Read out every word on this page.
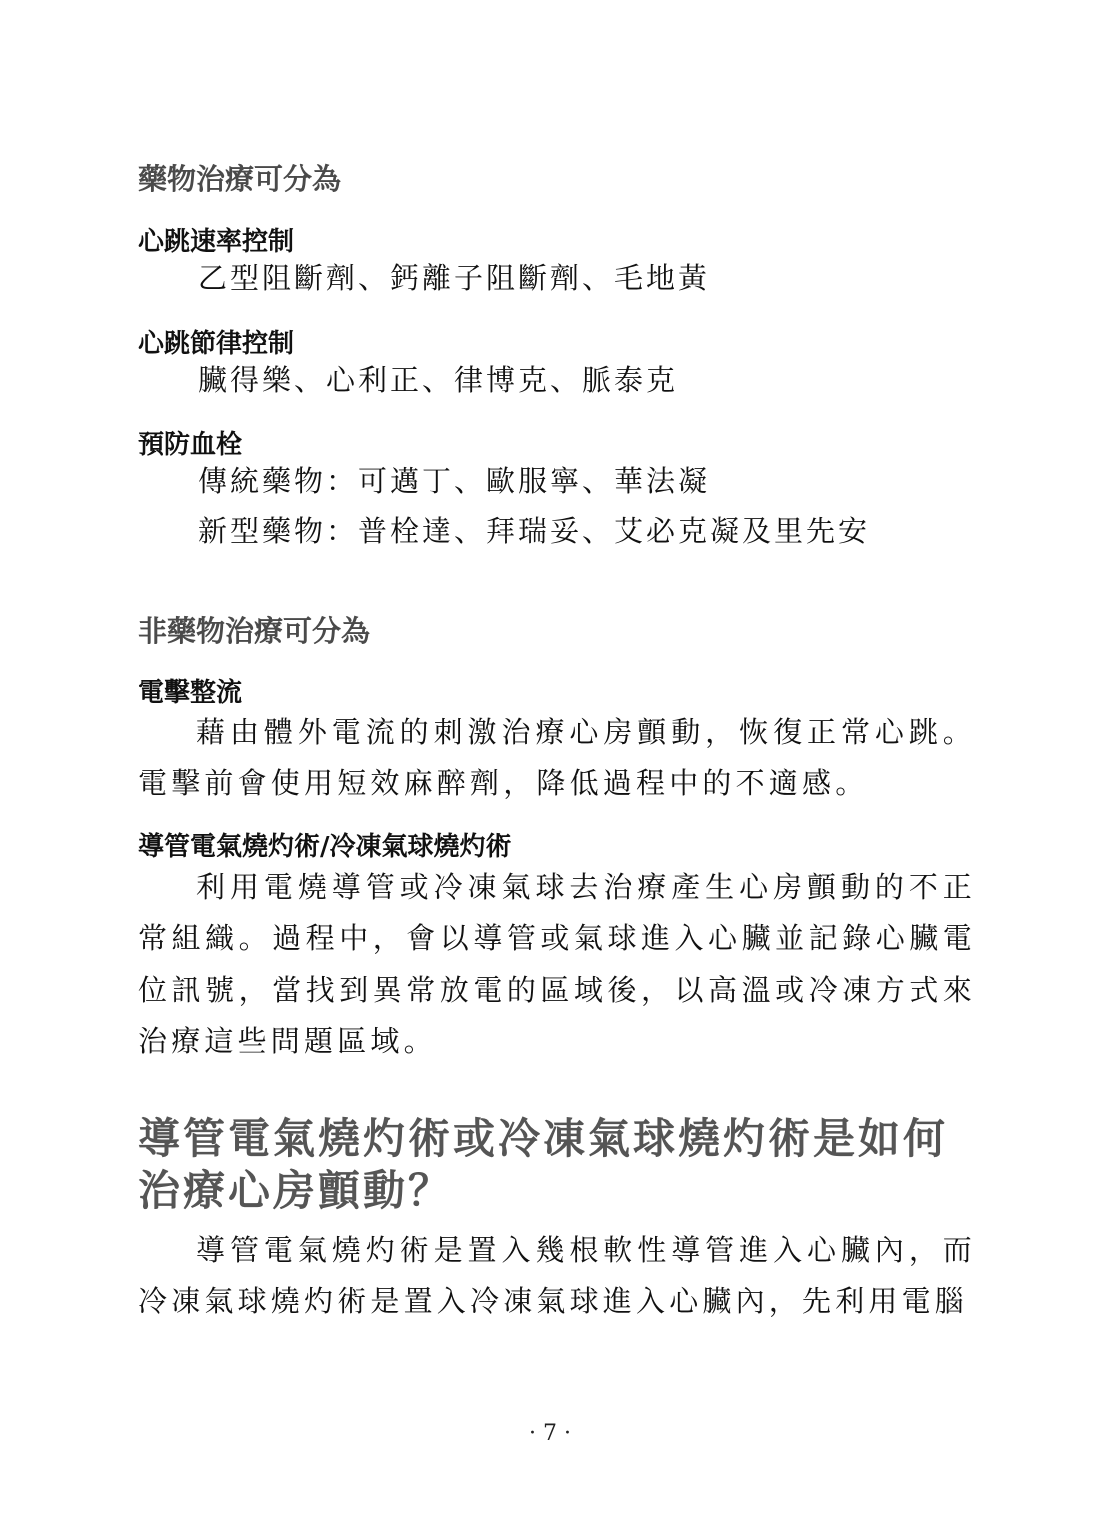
藥物治療可分為
心跳速率控制

乙型阻斷劑、鈣離子阻斷劑、毛地黃

心跳節律控制

臟得樂、心利正、律博克、脈泰克

預防血栓

傳統藥物：可邁丁、歐服寧、華法凝

新型藥物：普栓達、拜瑞妥、艾必克凝及里先安

非藥物治療可分為
電擊整流

藉由體外電流的刺激治療心房顫動，恢復正常心跳。電擊前會使用短效麻醉劑，降低過程中的不適感。

導管電氣燒灼術/冷凍氣球燒灼術

利用電燒導管或冷凍氣球去治療產生心房顫動的不正常組織。過程中，會以導管或氣球進入心臟並記錄心臟電位訊號，當找到異常放電的區域後，以高溫或冷凍方式來治療這些問題區域。

導管電氣燒灼術或冷凍氣球燒灼術是如何治療心房顫動？

導管電氣燒灼術是置入幾根軟性導管進入心臟內，而冷凍氣球燒灼術是置入冷凍氣球進入心臟內，先利用電腦

· 7 ·
